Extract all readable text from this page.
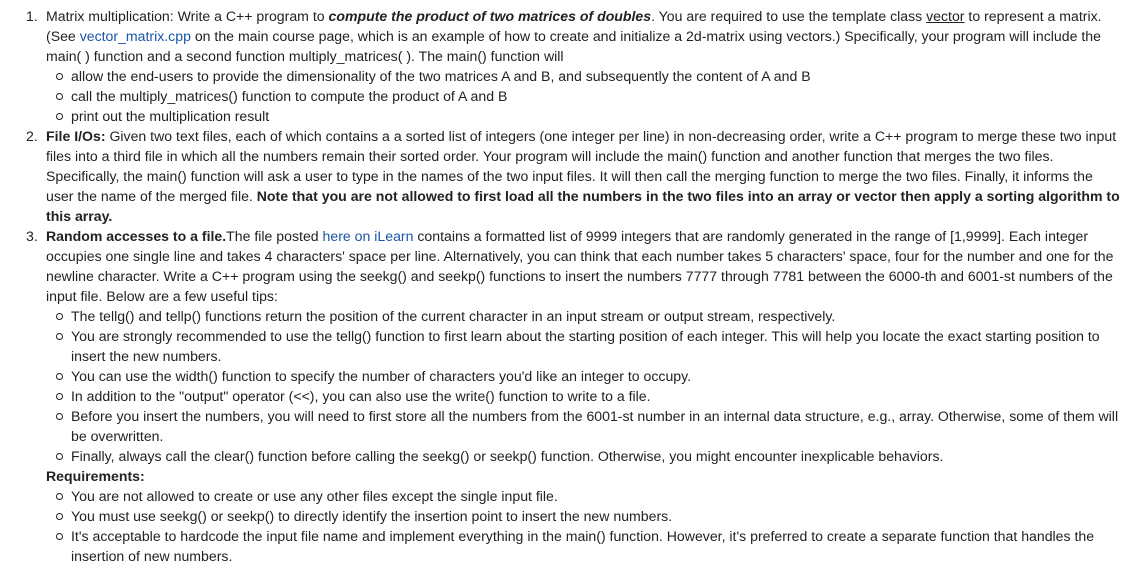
1. Matrix multiplication: Write a C++ program to compute the product of two matrices of doubles. You are required to use the template class vector to represent a matrix. (See vector_matrix.cpp on the main course page, which is an example of how to create and initialize a 2d-matrix using vectors.) Specifically, your program will include the main( ) function and a second function multiply_matrices( ). The main() function will
allow the end-users to provide the dimensionality of the two matrices A and B, and subsequently the content of A and B
call the multiply_matrices() function to compute the product of A and B
print out the multiplication result
2. File I/Os: Given two text files, each of which contains a a sorted list of integers (one integer per line) in non-decreasing order, write a C++ program to merge these two input files into a third file in which all the numbers remain their sorted order. Your program will include the main() function and another function that merges the two files. Specifically, the main() function will ask a user to type in the names of the two input files. It will then call the merging function to merge the two files. Finally, it informs the user the name of the merged file. Note that you are not allowed to first load all the numbers in the two files into an array or vector then apply a sorting algorithm to this array.
3. Random accesses to a file.The file posted here on iLearn contains a formatted list of 9999 integers that are randomly generated in the range of [1,9999]. Each integer occupies one single line and takes 4 characters' space per line. Alternatively, you can think that each number takes 5 characters' space, four for the number and one for the newline character. Write a C++ program using the seekg() and seekp() functions to insert the numbers 7777 through 7781 between the 6000-th and 6001-st numbers of the input file. Below are a few useful tips:
The tellg() and tellp() functions return the position of the current character in an input stream or output stream, respectively.
You are strongly recommended to use the tellg() function to first learn about the starting position of each integer. This will help you locate the exact starting position to insert the new numbers.
You can use the width() function to specify the number of characters you'd like an integer to occupy.
In addition to the "output" operator (<<), you can also use the write() function to write to a file.
Before you insert the numbers, you will need to first store all the numbers from the 6001-st number in an internal data structure, e.g., array. Otherwise, some of them will be overwritten.
Finally, always call the clear() function before calling the seekg() or seekp() function. Otherwise, you might encounter inexplicable behaviors.
Requirements:
You are not allowed to create or use any other files except the single input file.
You must use seekg() or seekp() to directly identify the insertion point to insert the new numbers.
It's acceptable to hardcode the input file name and implement everything in the main() function. However, it's preferred to create a separate function that handles the insertion of new numbers.
